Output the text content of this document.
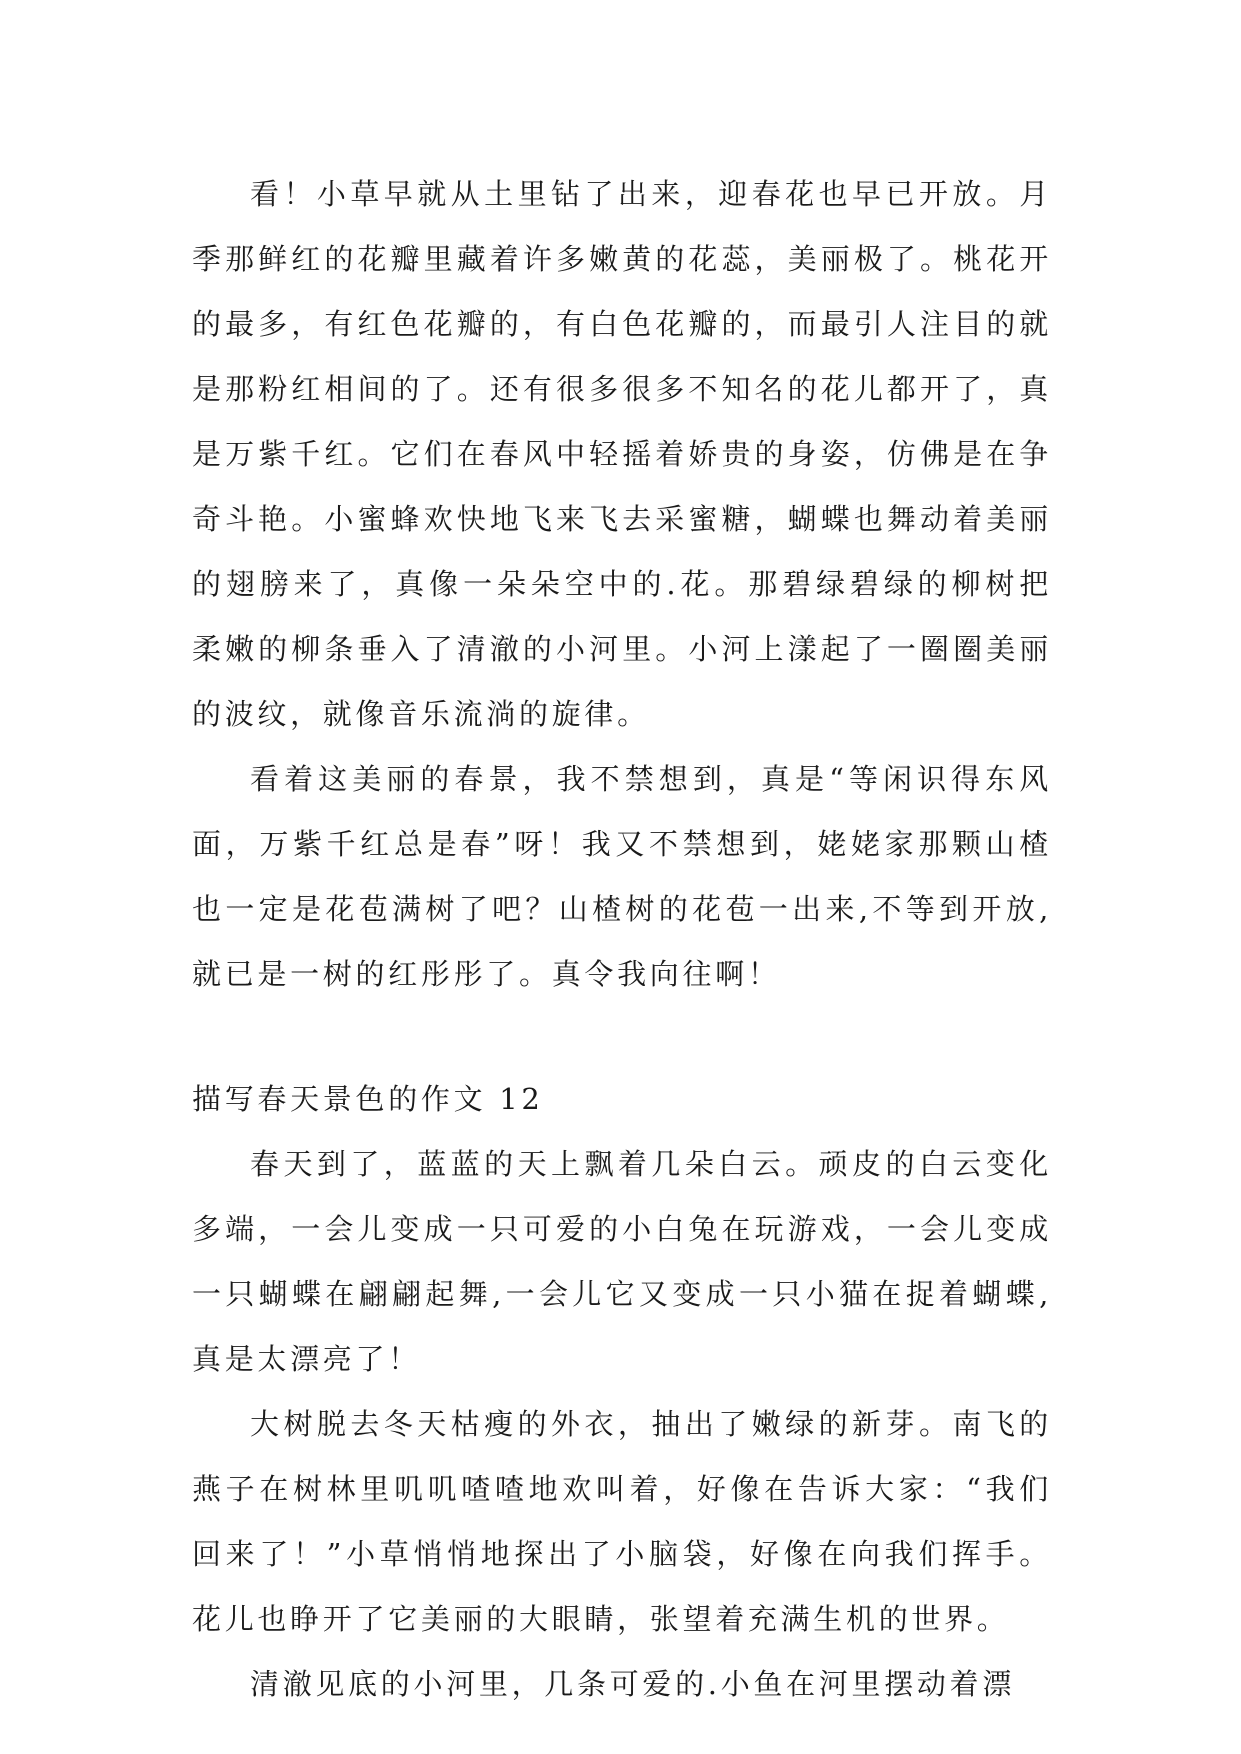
看！小草早就从土里钻了出来，迎春花也早已开放。月季那鲜红的花瓣里藏着许多嫩黄的花蕊，美丽极了。桃花开的最多，有红色花瓣的，有白色花瓣的，而最引人注目的就是那粉红相间的了。还有很多很多不知名的花儿都开了，真是万紫千红。它们在春风中轻摇着娇贵的身姿，仿佛是在争奇斗艳。小蜜蜂欢快地飞来飞去采蜜糖，蝴蝶也舞动着美丽的翅膀来了，真像一朵朵空中的.花。那碧绿碧绿的柳树把柔嫩的柳条垂入了清澈的小河里。小河上漾起了一圈圈美丽的波纹，就像音乐流淌的旋律。

看着这美丽的春景，我不禁想到，真是“等闲识得东风面，万紫千红总是春”呀！我又不禁想到，姥姥家那颗山楂也一定是花苞满树了吧？山楂树的花苞一出来,不等到开放,就已是一树的红彤彤了。真令我向往啊！

描写春天景色的作文 12

春天到了，蓝蓝的天上飘着几朵白云。顽皮的白云变化多端，一会儿变成一只可爱的小白兔在玩游戏，一会儿变成一只蝴蝶在翩翩起舞,一会儿它又变成一只小猫在捉着蝴蝶,真是太漂亮了！

大树脱去冬天枯瘦的外衣，抽出了嫩绿的新芽。南飞的燕子在树林里叽叽喳喳地欢叫着，好像在告诉大家：“我们回来了！”小草悄悄地探出了小脑袋，好像在向我们挥手。花儿也睁开了它美丽的大眼睛，张望着充满生机的世界。

清澈见底的小河里，几条可爱的.小鱼在河里摆动着漂
